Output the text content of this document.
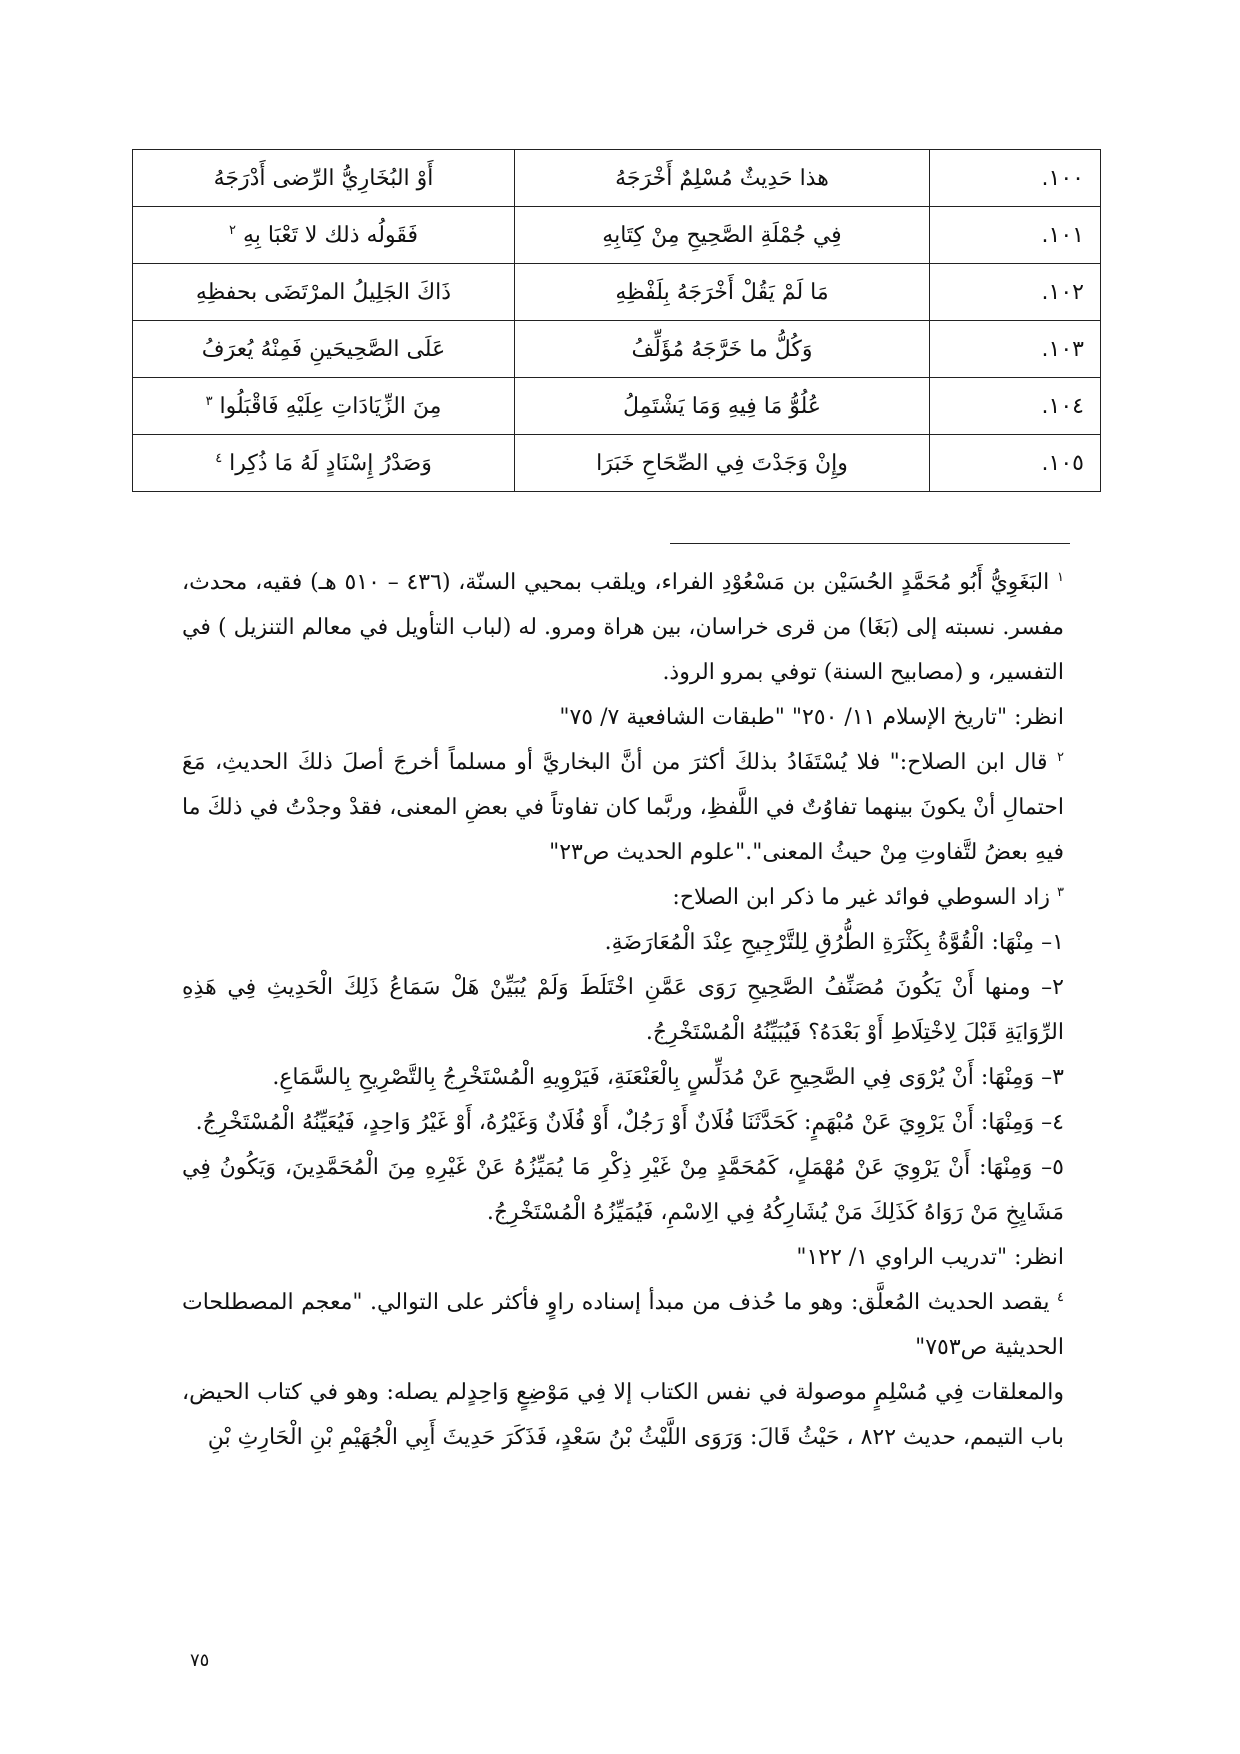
١٠٠.	هذا حَدِيثٌ مُسْلِمٌ أَخْرَجَهُ	أَوْ البُخَارِيُّ الرِّضى أَدْرَجَهُ
١٠١.	فِي جُمْلَةِ الصَّحِيحِ مِنْ كِتَابِهِ	فَقَولُه ذلك لا تَعْبَا بِهِ $^٢$
١٠٢.	مَا لَمْ يَقُلْ أَخْرَجَهُ بِلَفْظِهِ	ذَاكَ الجَلِيلُ المرْتَضَى بحفظِهِ
١٠٣.	وَكُلُّ ما خَرَّجَهُ مُؤَلِّفُ	عَلَى الصَّحِيحَينِ فَمِنْهُ يُعرَفُ
١٠٤.	عُلُوُّ مَا فِيهِ وَمَا يَشْتَمِلُ	مِنَ الزِّيَادَاتِ عِلَيْهِ فَاقْبَلُوا $^٣$
١٠٥.	وإِنْ وَجَدْتَ فِي الصِّحَاحِ خَبَرَا	وَصَدْرُ إِسْنَادٍ لَهُ مَا ذُكِرا $^٤$

$^١$ البَغَوِيُّ أَبُو مُحَمَّدٍ الحُسَيْن بن مَسْعُوْدِ الفراء، ويلقب بمحيي السنّة، (٤٣٦ – ٥١٠ هـ) فقيه، محدث، مفسر. نسبته إلى (بَغَا) من قرى خراسان، بين هراة ومرو. له (لباب التأويل في معالم التنزيل ) في التفسير، و (مصابيح السنة) توفي بمرو الروذ.

انظر: "تاريخ الإسلام ١١/ ٢٥٠" "طبقات الشافعية ٧/ ٧٥"

$^٢$ قال ابن الصلاح:" فلا يُسْتَفَادُ بذلكَ أكثرَ من أنَّ البخاريَّ أو مسلماً أخرجَ أصلَ ذلكَ الحديثِ، مَعَ احتمالِ أنْ يكونَ بينهما تفاوُتٌ في اللَّفظِ، وربَّما كان تفاوتاً في بعضِ المعنى، فقدْ وجدْتُ في ذلكَ ما فيهِ بعضُ لتَّفاوتِ مِنْ حيثُ المعنى"."علوم الحديث ص٢٣"

$^٣$ زاد السوطي فوائد غير ما ذكر ابن الصلاح:

١– مِنْهَا: الْقُوَّةُ بِكَثْرَةِ الطُّرُقِ لِلتَّرْجِيحِ عِنْدَ الْمُعَارَضَةِ.

٢– ومنها أَنْ يَكُونَ مُصَنِّفُ الصَّحِيحِ رَوَى عَمَّنِ اخْتَلَطَ وَلَمْ يُبَيِّنْ هَلْ سَمَاعُ ذَلِكَ الْحَدِيثِ فِي هَذِهِ الرِّوَايَةِ قَبْلَ لِاخْتِلَاطِ أَوْ بَعْدَهُ؟ فَيُبَيِّنُهُ الْمُسْتَخْرِجُ.

٣– وَمِنْهَا: أَنْ يُرْوَى فِي الصَّحِيحِ عَنْ مُدَلِّسٍ بِالْعَنْعَنَةِ، فَيَرْوِيهِ الْمُسْتَخْرِجُ بِالتَّصْرِيحِ بِالسَّمَاعِ.

٤– وَمِنْهَا: أَنْ يَرْوِيَ عَنْ مُبْهَمٍ: كَحَدَّثَنَا فُلَانٌ أَوْ رَجُلٌ، أَوْ فُلَانٌ وَغَيْرُهُ، أَوْ غَيْرُ وَاحِدٍ، فَيُعَيِّنُهُ الْمُسْتَخْرِجُ.

٥– وَمِنْهَا: أَنْ يَرْوِيَ عَنْ مُهْمَلٍ، كَمُحَمَّدٍ مِنْ غَيْرِ ذِكْرِ مَا يُمَيِّزُهُ عَنْ غَيْرِهِ مِنَ الْمُحَمَّدِينَ، وَيَكُونُ فِي مَشَايِخِ مَنْ رَوَاهُ كَذَلِكَ مَنْ يُشَارِكُهُ فِي الِاسْمِ، فَيُمَيِّزُهُ الْمُسْتَخْرِجُ.

انظر: "تدريب الراوي ١/ ١٢٢"

$^٤$ يقصد الحديث المُعلَّق: وهو ما حُذف من مبدأ إسناده راوٍ فأكثر على التوالي. "معجم المصطلحات الحديثية ص٧٥٣"

والمعلقات فِي مُسْلِمٍ موصولة في نفس الكتاب إلا فِي مَوْضِعٍ وَاحِدٍلم يصله: وهو في كتاب الحيض، باب التيمم، حديث ٨٢٢ ، حَيْثُ قَالَ: وَرَوَى اللَّيْثُ بْنُ سَعْدٍ، فَذَكَرَ حَدِيثَ أَبِي الْجُهَيْمِ بْنِ الْحَارِثِ بْنِ

٧٥
